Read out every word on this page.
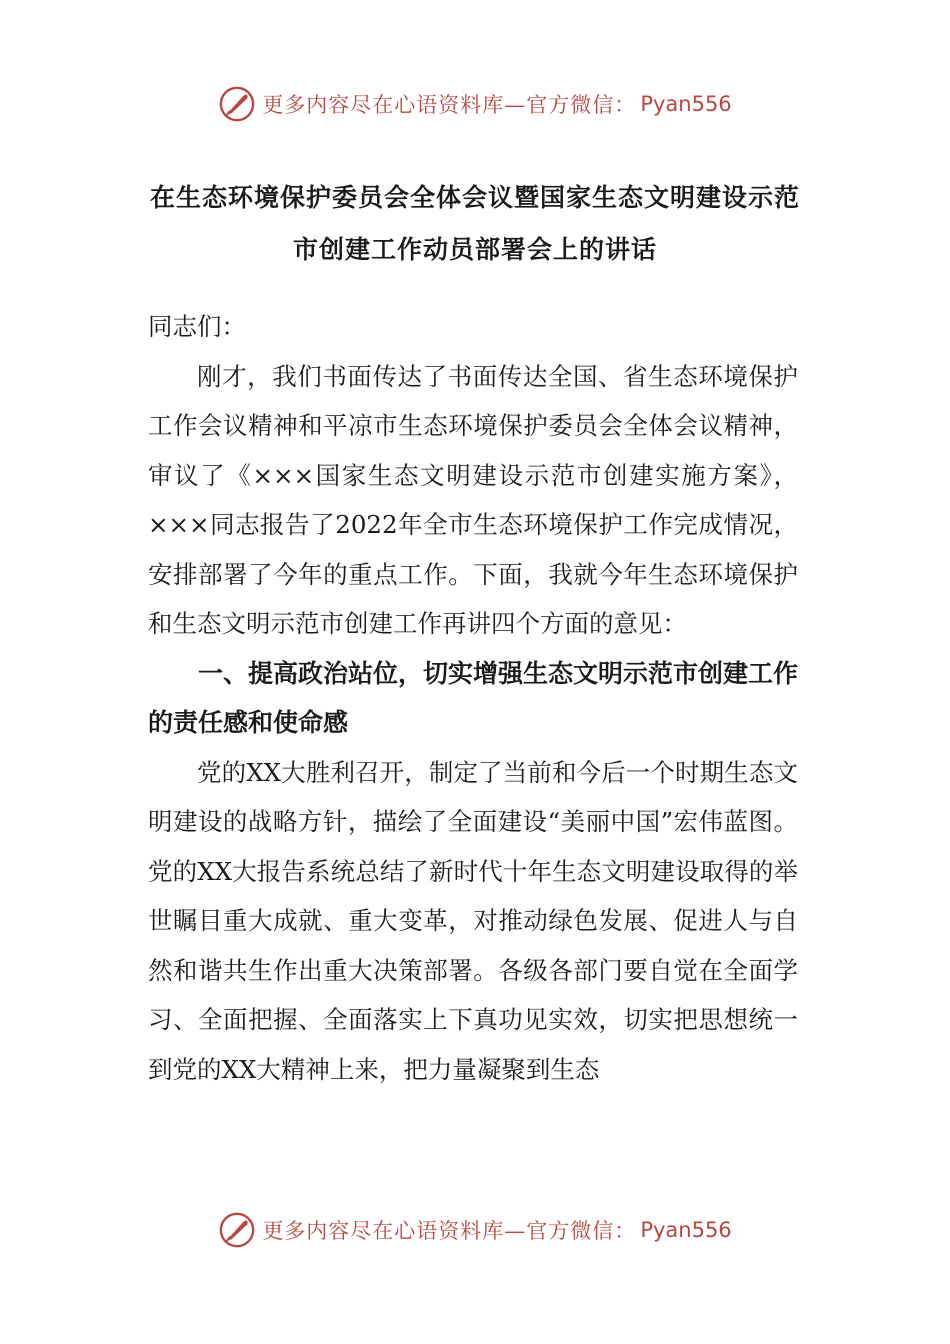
更多内容尽在心语资料库—官方微信： Pyan556
在生态环境保护委员会全体会议暨国家生态文明建设示范市创建工作动员部署会上的讲话

同志们：

刚才，我们书面传达了书面传达全国、省生态环境保护工作会议精神和平凉市生态环境保护委员会全体会议精神，审议了《×××国家生态文明建设示范市创建实施方案》，×××同志报告了2022年全市生态环境保护工作完成情况，安排部署了今年的重点工作。下面，我就今年生态环境保护和生态文明示范市创建工作再讲四个方面的意见：

一、提高政治站位，切实增强生态文明示范市创建工作的责任感和使命感

党的XX大胜利召开，制定了当前和今后一个时期生态文明建设的战略方针，描绘了全面建设“美丽中国”宏伟蓝图。党的XX大报告系统总结了新时代十年生态文明建设取得的举世瞩目重大成就、重大变革，对推动绿色发展、促进人与自然和谐共生作出重大决策部署。各级各部门要自觉在全面学习、全面把握、全面落实上下真功见实效，切实把思想统一到党的XX大精神上来，把力量凝聚到生态

更多内容尽在心语资料库—官方微信： Pyan556
